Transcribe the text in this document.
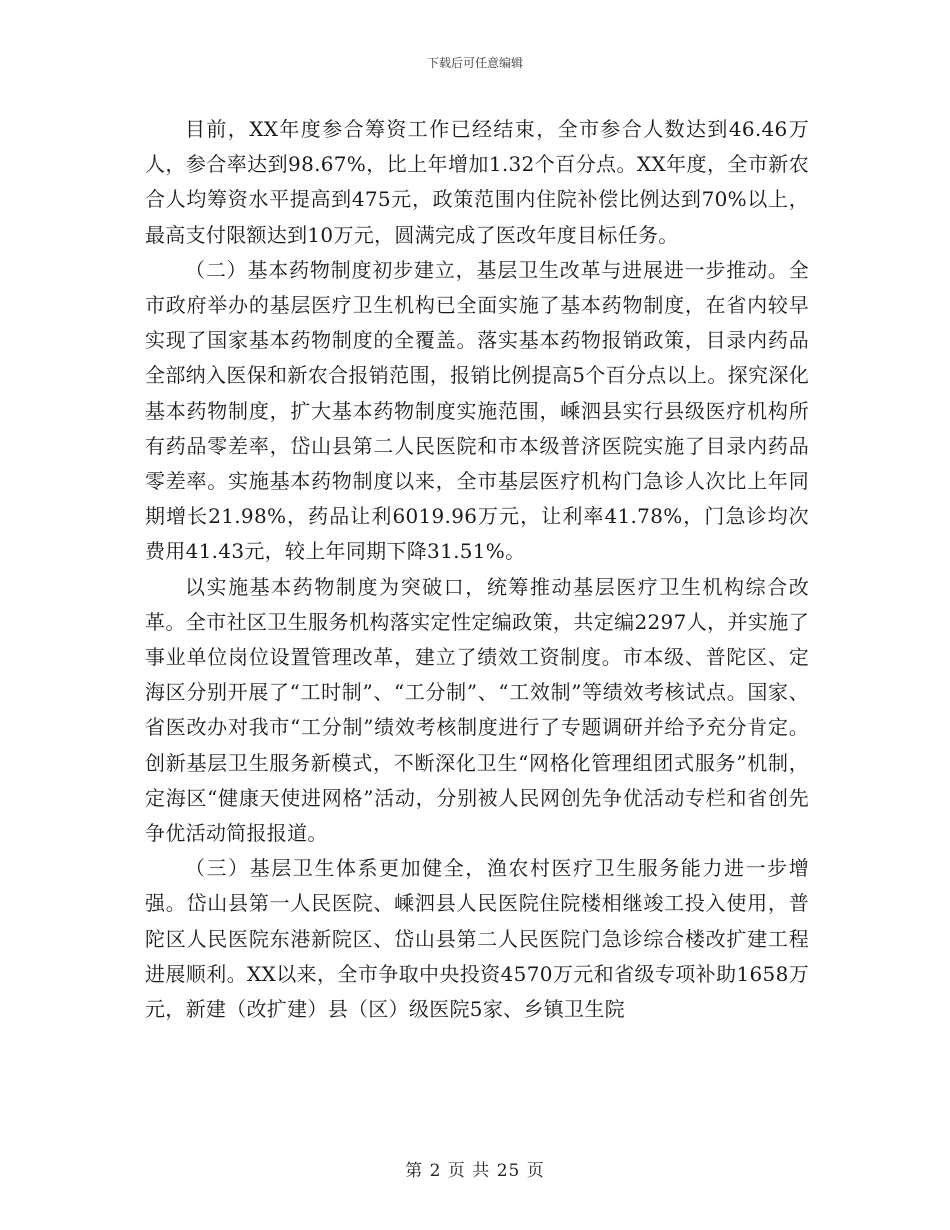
下载后可任意编辑

目前，XX年度参合筹资工作已经结束，全市参合人数达到46.46万人，参合率达到98.67%，比上年增加1.32个百分点。XX年度，全市新农合人均筹资水平提高到475元，政策范围内住院补偿比例达到70%以上，最高支付限额达到10万元，圆满完成了医改年度目标任务。

（二）基本药物制度初步建立，基层卫生改革与进展进一步推动。全市政府举办的基层医疗卫生机构已全面实施了基本药物制度，在省内较早实现了国家基本药物制度的全覆盖。落实基本药物报销政策，目录内药品全部纳入医保和新农合报销范围，报销比例提高5个百分点以上。探究深化基本药物制度，扩大基本药物制度实施范围，嵊泗县实行县级医疗机构所有药品零差率，岱山县第二人民医院和市本级普济医院实施了目录内药品零差率。实施基本药物制度以来，全市基层医疗机构门急诊人次比上年同期增长21.98%，药品让利6019.96万元，让利率41.78%，门急诊均次费用41.43元，较上年同期下降31.51%。

以实施基本药物制度为突破口，统筹推动基层医疗卫生机构综合改革。全市社区卫生服务机构落实定性定编政策，共定编2297人，并实施了事业单位岗位设置管理改革，建立了绩效工资制度。市本级、普陀区、定海区分别开展了“工时制”、“工分制”、“工效制”等绩效考核试点。国家、省医改办对我市“工分制”绩效考核制度进行了专题调研并给予充分肯定。创新基层卫生服务新模式，不断深化卫生“网格化管理组团式服务”机制，定海区“健康天使进网格”活动，分别被人民网创先争优活动专栏和省创先争优活动简报报道。

（三）基层卫生体系更加健全，渔农村医疗卫生服务能力进一步增强。岱山县第一人民医院、嵊泗县人民医院住院楼相继竣工投入使用，普陀区人民医院东港新院区、岱山县第二人民医院门急诊综合楼改扩建工程进展顺利。XX以来，全市争取中央投资4570万元和省级专项补助1658万元，新建（改扩建）县（区）级医院5家、乡镇卫生院

第 2 页 共 25 页
